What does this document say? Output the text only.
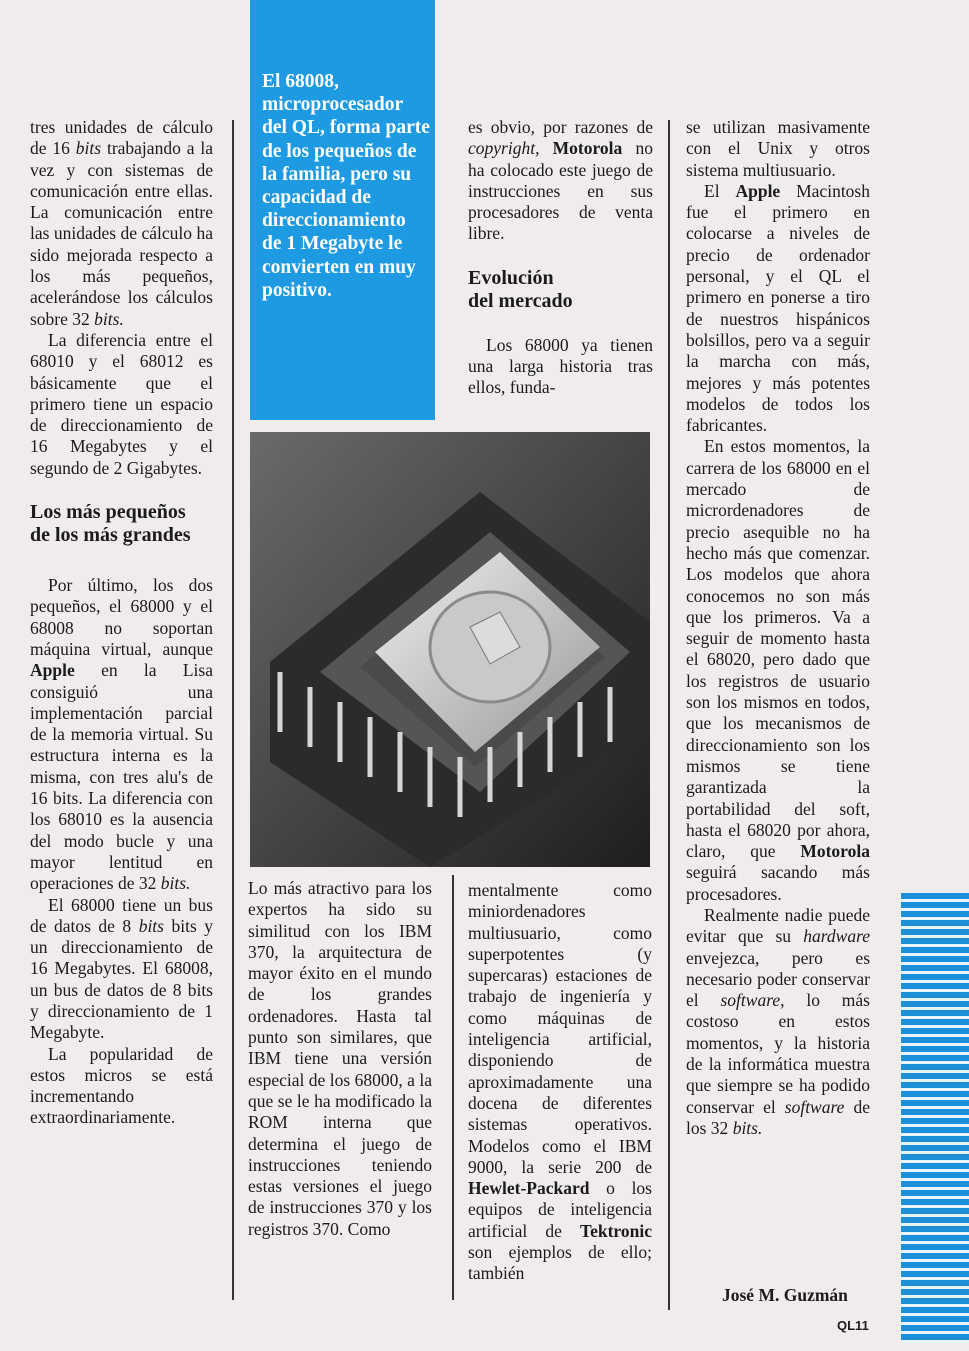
tres unidades de cálculo de 16 bits trabajando a la vez y con sistemas de comunicación entre ellas. La comunicación entre las unidades de cálculo ha sido mejorada respecto a los más pequeños, acelerándose los cálculos sobre 32 bits.

La diferencia entre el 68010 y el 68012 es básicamente que el primero tiene un espacio de direccionamiento de 16 Megabytes y el segundo de 2 Gigabytes.

Los más pequeños de los más grandes

Por último, los dos pequeños, el 68000 y el 68008 no soportan máquina virtual, aunque Apple en la Lisa consiguió una implementación parcial de la memoria virtual. Su estructura interna es la misma, con tres alu's de 16 bits. La diferencia con los 68010 es la ausencia del modo bucle y una mayor lentitud en operaciones de 32 bits.

El 68000 tiene un bus de datos de 8 bits bits y un direccionamiento de 16 Megabytes. El 68008, un bus de datos de 8 bits y direccionamiento de 1 Megabyte.

La popularidad de estos micros se está incrementando extraordinariamente.

El 68008, microprocesador del QL, forma parte de los pequeños de la familia, pero su capacidad de direccionamiento de 1 Megabyte le convierten en muy positivo.

es obvio, por razones de copyright, Motorola no ha colocado este juego de instrucciones en sus procesadores de venta libre.

Evolución del mercado

Los 68000 ya tienen una larga historia tras ellos, funda-

Lo más atractivo para los expertos ha sido su similitud con los IBM 370, la arquitectura de mayor éxito en el mundo de los grandes ordenadores. Hasta tal punto son similares, que IBM tiene una versión especial de los 68000, a la que se le ha modificado la ROM interna que determina el juego de instrucciones teniendo estas versiones el juego de instrucciones 370 y los registros 370. Como

mentalmente como miniordenadores multiusuario, como superpotentes (y supercaras) estaciones de trabajo de ingeniería y como máquinas de inteligencia artificial, disponiendo de aproximadamente una docena de diferentes sistemas operativos. Modelos como el IBM 9000, la serie 200 de Hewlet-Packard o los equipos de inteligencia artificial de Tektronic son ejemplos de ello; también

se utilizan masivamente con el Unix y otros sistema multiusuario.

El Apple Macintosh fue el primero en colocarse a niveles de precio de ordenador personal, y el QL el primero en ponerse a tiro de nuestros hispánicos bolsillos, pero va a seguir la marcha con más, mejores y más potentes modelos de todos los fabricantes.

En estos momentos, la carrera de los 68000 en el mercado de micrordenadores de precio asequible no ha hecho más que comenzar. Los modelos que ahora conocemos no son más que los primeros. Va a seguir de momento hasta el 68020, pero dado que los registros de usuario son los mismos en todos, que los mecanismos de direccionamiento son los mismos se tiene garantizada la portabilidad del soft, hasta el 68020 por ahora, claro, que Motorola seguirá sacando más procesadores.

Realmente nadie puede evitar que su hardware envejezca, pero es necesario poder conservar el software, lo más costoso en estos momentos, y la historia de la informática muestra que siempre se ha podido conservar el software de los 32 bits.

José M. Guzmán
QL11
